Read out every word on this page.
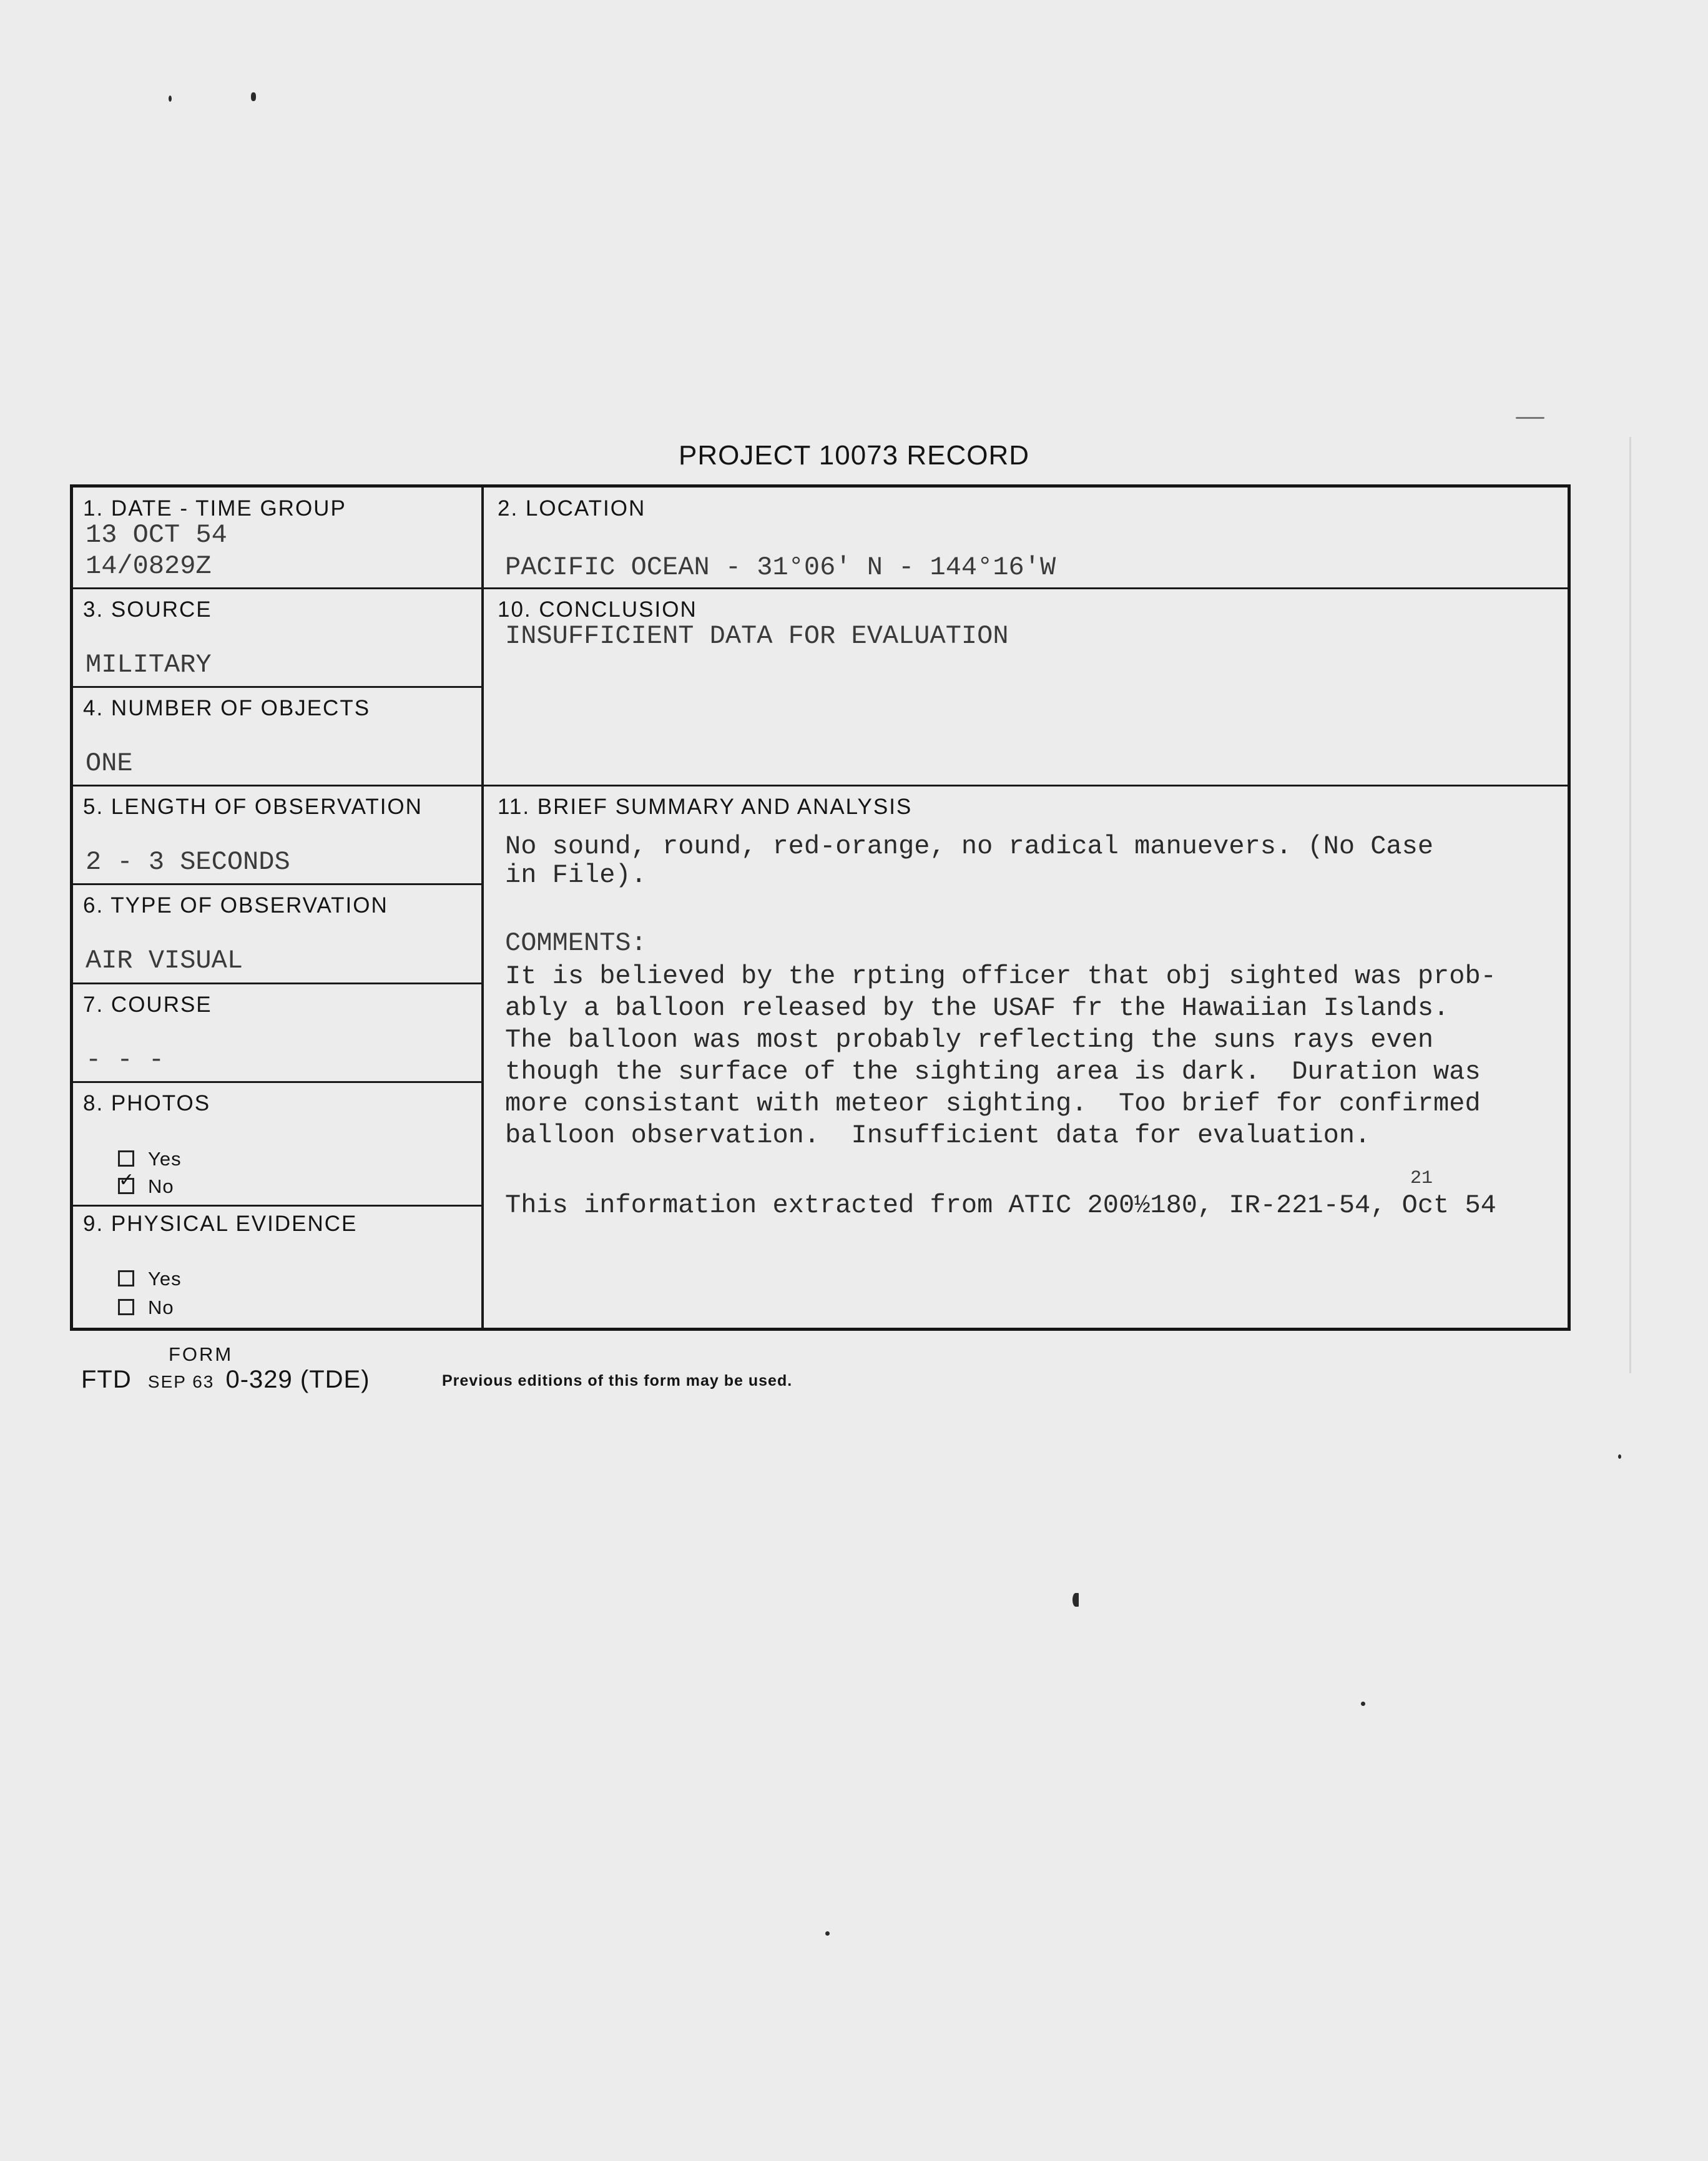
PROJECT 10073 RECORD
1. DATE - TIME GROUP
13 OCT 54
14/0829Z
2. LOCATION
PACIFIC OCEAN - 31°06' N - 144°16'W
3. SOURCE
MILITARY
10. CONCLUSION
INSUFFICIENT DATA FOR EVALUATION
4. NUMBER OF OBJECTS
ONE
5. LENGTH OF OBSERVATION
2 - 3 SECONDS
11. BRIEF SUMMARY AND ANALYSIS
No sound, round, red-orange, no radical manuevers. (No Case
in File).
COMMENTS:
It is believed by the rpting officer that obj sighted was prob-
ably a balloon released by the USAF fr the Hawaiian Islands.
The balloon was most probably reflecting the suns rays even
though the surface of the sighting area is dark.  Duration was
more consistant with meteor sighting.  Too brief for confirmed
balloon observation.  Insufficient data for evaluation.
This information extracted from ATIC 200½180, IR-221-54, Oct 54
21
6. TYPE OF OBSERVATION
AIR VISUAL
7. COURSE
- - -
8. PHOTOS
Yes
✓No
9. PHYSICAL EVIDENCE
Yes
No
FORM
FTD SEP 63 0-329 (TDE)	Previous editions of this form may be used.
